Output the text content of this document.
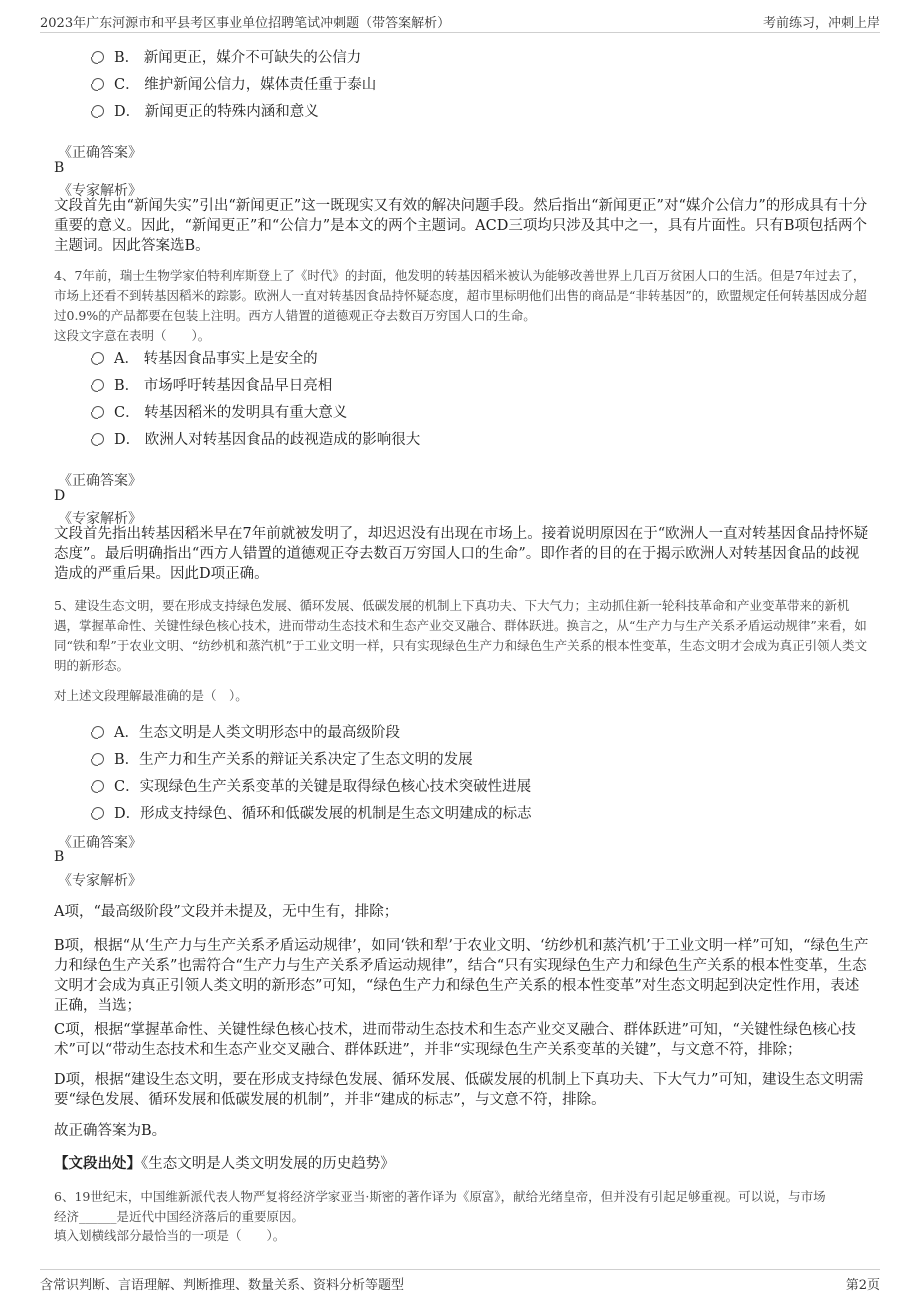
2023年广东河源市和平县考区事业单位招聘笔试冲刺题（带答案解析）	考前练习，冲刺上岸
B． 新闻更正，媒介不可缺失的公信力
C． 维护新闻公信力，媒体责任重于泰山
D． 新闻更正的特殊内涵和意义
《正确答案》
B
《专家解析》
文段首先由“新闻失实”引出“新闻更正”这一既现实又有效的解决问题手段。然后指出“新闻更正”对“媒介公信力”的形成具有十分重要的意义。因此，“新闻更正”和“公信力”是本文的两个主题词。ACD三项均只涉及其中之一，具有片面性。只有B项包括两个主题词。因此答案选B。
4、7年前，瑞士生物学家伯特利库斯登上了《时代》的封面，他发明的转基因稻米被认为能够改善世界上几百万贫困人口的生活。但是7年过去了，市场上还看不到转基因稻米的踪影。欧洲人一直对转基因食品持怀疑态度，超市里标明他们出售的商品是“非转基因”的，欧盟规定任何转基因成分超过0.9%的产品都要在包装上注明。西方人错置的道德观正夺去数百万穷国人口的生命。
这段文字意在表明（　　）。
A． 转基因食品事实上是安全的
B． 市场呼吁转基因食品早日亮相
C． 转基因稻米的发明具有重大意义
D． 欧洲人对转基因食品的歧视造成的影响很大
《正确答案》
D
《专家解析》
文段首先指出转基因稻米早在7年前就被发明了，却迟迟没有出现在市场上。接着说明原因在于“欧洲人一直对转基因食品持怀疑态度”。最后明确指出“西方人错置的道德观正夺去数百万穷国人口的生命”。即作者的目的在于揭示欧洲人对转基因食品的歧视造成的严重后果。因此D项正确。
5、建设生态文明，要在形成支持绿色发展、循环发展、低碳发展的机制上下真功夫、下大气力；主动抓住新一轮科技革命和产业变革带来的新机遇，掌握革命性、关键性绿色核心技术，进而带动生态技术和生态产业交叉融合、群体跃进。换言之，从“生产力与生产关系矛盾运动规律”来看，如同“铁和犁”于农业文明、“纺纱机和蒸汽机”于工业文明一样，只有实现绿色生产力和绿色生产关系的根本性变革，生态文明才会成为真正引领人类文明的新形态。
对上述文段理解最准确的是（　）。
A．生态文明是人类文明形态中的最高级阶段
B．生产力和生产关系的辩证关系决定了生态文明的发展
C．实现绿色生产关系变革的关键是取得绿色核心技术突破性进展
D．形成支持绿色、循环和低碳发展的机制是生态文明建成的标志
《正确答案》
B
《专家解析》
A项，“最高级阶段”文段并未提及，无中生有，排除；
B项，根据“从‘生产力与生产关系矛盾运动规律’，如同‘铁和犁’于农业文明、‘纺纱机和蒸汽机’于工业文明一样”可知，“绿色生产力和绿色生产关系”也需符合“生产力与生产关系矛盾运动规律”，结合“只有实现绿色生产力和绿色生产关系的根本性变革，生态文明才会成为真正引领人类文明的新形态”可知，“绿色生产力和绿色生产关系的根本性变革”对生态文明起到决定性作用，表述正确，当选；
C项，根据“掌握革命性、关键性绿色核心技术，进而带动生态技术和生态产业交叉融合、群体跃进”可知，“关键性绿色核心技术”可以“带动生态技术和生态产业交叉融合、群体跃进”，并非“实现绿色生产关系变革的关键”，与文意不符，排除；
D项，根据“建设生态文明，要在形成支持绿色发展、循环发展、低碳发展的机制上下真功夫、下大气力”可知，建设生态文明需要“绿色发展、循环发展和低碳发展的机制”，并非“建成的标志”，与文意不符，排除。
故正确答案为B。
【文段出处】《生态文明是人类文明发展的历史趋势》
6、19世纪末，中国维新派代表人物严复将经济学家亚当·斯密的著作译为《原富》，献给光绪皇帝，但并没有引起足够重视。可以说，与市场
经济______是近代中国经济落后的重要原因。
填入划横线部分最恰当的一项是（　　）。
含常识判断、言语理解、判断推理、数量关系、资料分析等题型	第2页
